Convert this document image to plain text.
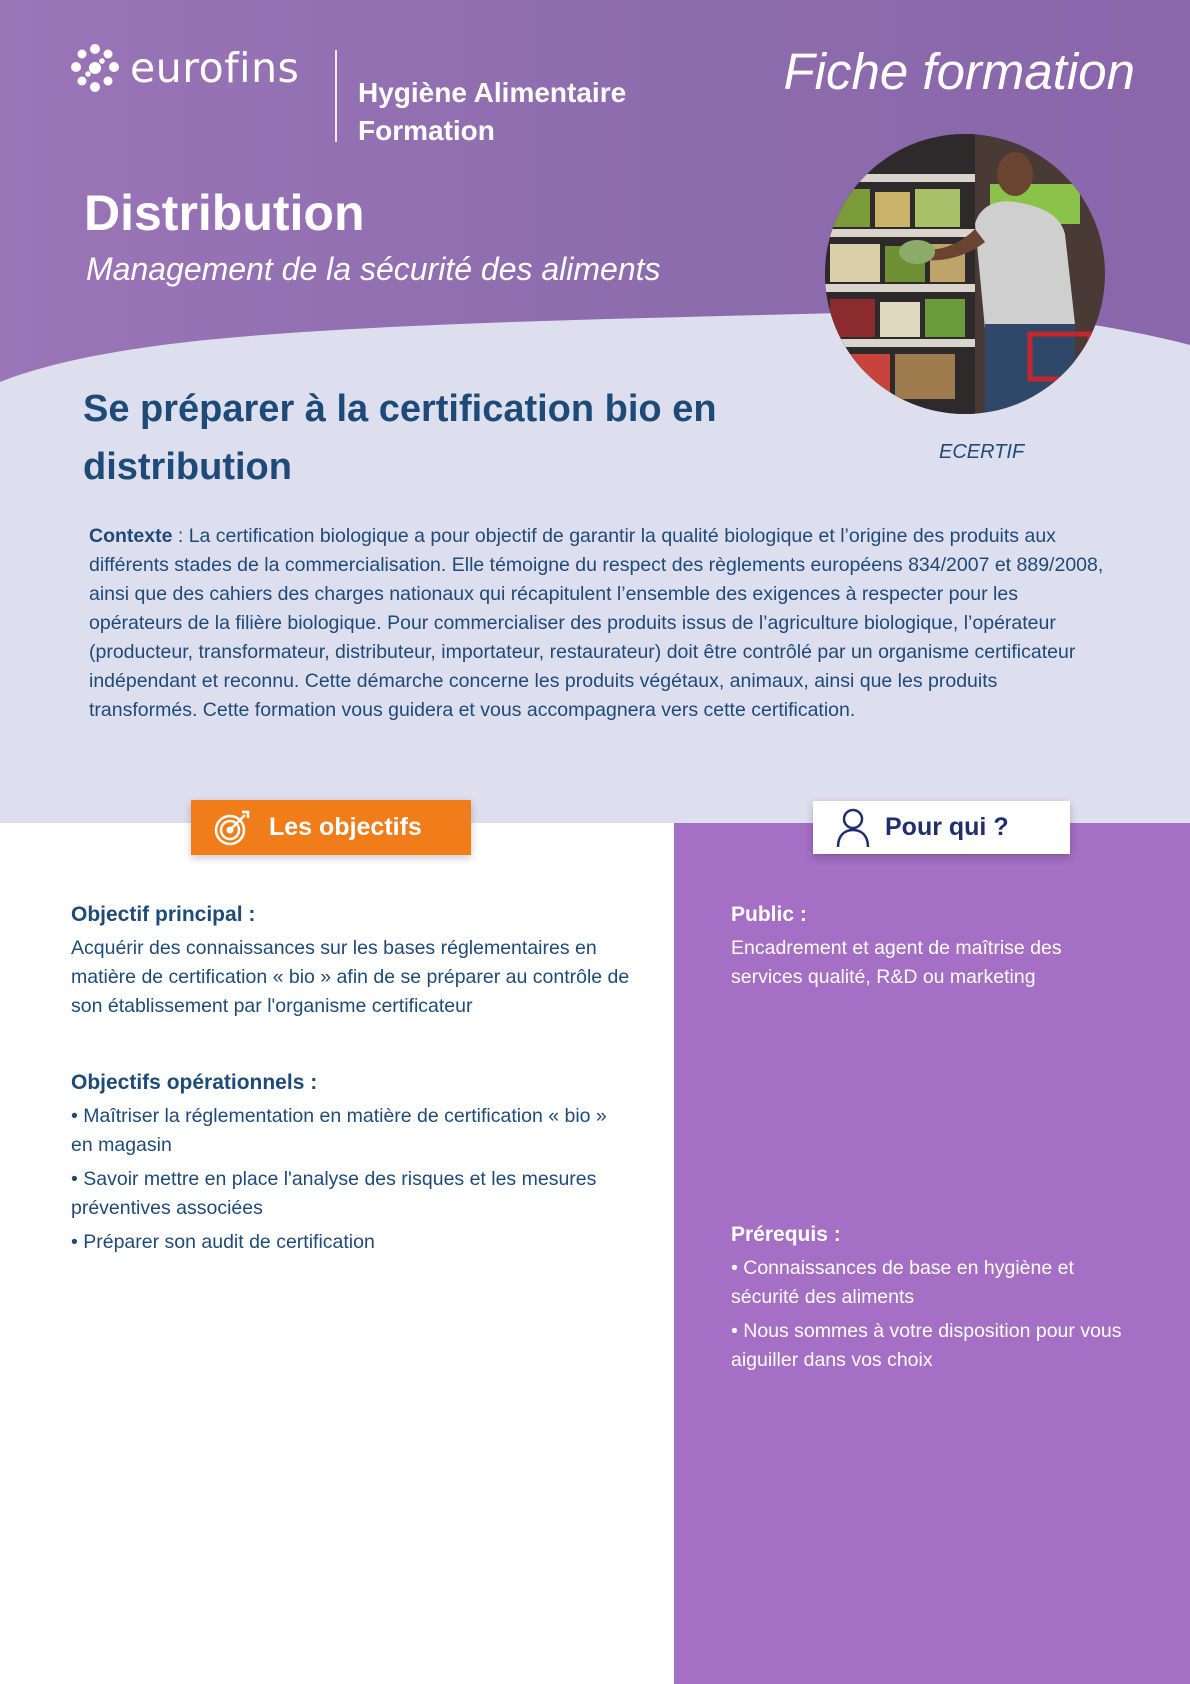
eurofins
Hygiène Alimentaire
Formation
Fiche formation
Distribution
Management de la sécurité des aliments
ECERTIF
Se préparer à la certification bio en distribution
Contexte : La certification biologique a pour objectif de garantir la qualité biologique et l’origine des produits aux différents stades de la commercialisation. Elle témoigne du respect des règlements européens 834/2007 et 889/2008, ainsi que des cahiers des charges nationaux qui récapitulent l’ensemble des exigences à respecter pour les opérateurs de la filière biologique. Pour commercialiser des produits issus de l’agriculture biologique, l’opérateur (producteur, transformateur, distributeur, importateur, restaurateur) doit être contrôlé par un organisme certificateur indépendant et reconnu. Cette démarche concerne les produits végétaux, animaux, ainsi que les produits transformés. Cette formation vous guidera et vous accompagnera vers cette certification.
Les objectifs	Pour qui ?
Objectif principal :
Acquérir des connaissances sur les bases réglementaires en matière de certification « bio » afin de se préparer au contrôle de son établissement par l'organisme certificateur
Objectifs opérationnels :
• Maîtriser la réglementation en matière de certification « bio » en magasin
• Savoir mettre en place l'analyse des risques et les mesures préventives associées
• Préparer son audit de certification
Public :
Encadrement et agent de maîtrise des services qualité, R&D ou marketing
Prérequis :
• Connaissances de base en hygiène et sécurité des aliments
• Nous sommes à votre disposition pour vous aiguiller dans vos choix
